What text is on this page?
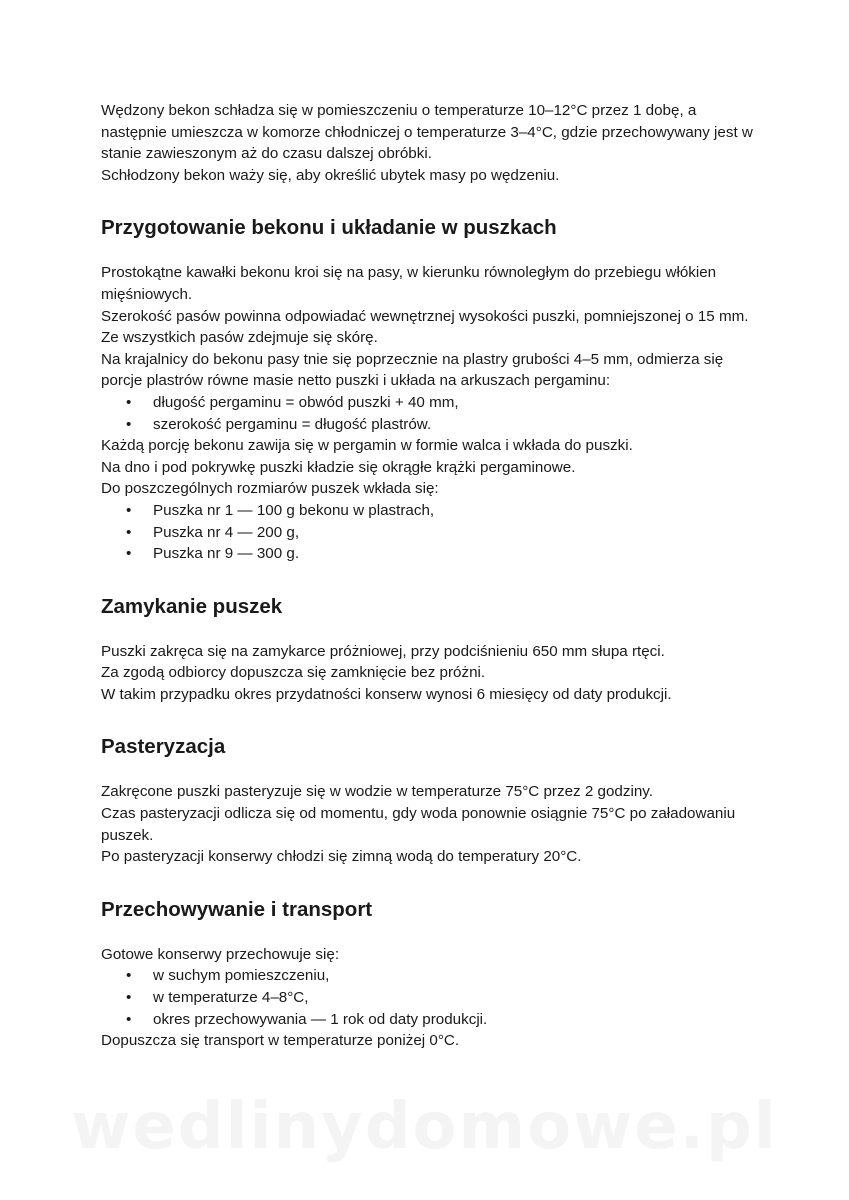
Wędzony bekon schładza się w pomieszczeniu o temperaturze 10–12°C przez 1 dobę, a następnie umieszcza w komorze chłodniczej o temperaturze 3–4°C, gdzie przechowywany jest w stanie zawieszonym aż do czasu dalszej obróbki.

Schłodzony bekon waży się, aby określić ubytek masy po wędzeniu.

Przygotowanie bekonu i układanie w puszkach

Prostokątne kawałki bekonu kroi się na pasy, w kierunku równoległym do przebiegu włókien mięśniowych.

Szerokość pasów powinna odpowiadać wewnętrznej wysokości puszki, pomniejszonej o 15 mm.

Ze wszystkich pasów zdejmuje się skórę.

Na krajalnicy do bekonu pasy tnie się poprzecznie na plastry grubości 4–5 mm, odmierza się porcje plastrów równe masie netto puszki i układa na arkuszach pergaminu:

• długość pergaminu = obwód puszki + 40 mm,
• szerokość pergaminu = długość plastrów.

Każdą porcję bekonu zawija się w pergamin w formie walca i wkłada do puszki.

Na dno i pod pokrywkę puszki kładzie się okrągłe krążki pergaminowe.

Do poszczególnych rozmiarów puszek wkłada się:

• Puszka nr 1 — 100 g bekonu w plastrach,
• Puszka nr 4 — 200 g,
• Puszka nr 9 — 300 g.
Zamykanie puszek

Puszki zakręca się na zamykarce próżniowej, przy podciśnieniu 650 mm słupa rtęci.

Za zgodą odbiorcy dopuszcza się zamknięcie bez próżni.

W takim przypadku okres przydatności konserw wynosi 6 miesięcy od daty produkcji.

Pasteryzacja

Zakręcone puszki pasteryzuje się w wodzie w temperaturze 75°C przez 2 godziny.

Czas pasteryzacji odlicza się od momentu, gdy woda ponownie osiągnie 75°C po załadowaniu puszek.

Po pasteryzacji konserwy chłodzi się zimną wodą do temperatury 20°C.

Przechowywanie i transport

Gotowe konserwy przechowuje się:

• w suchym pomieszczeniu,
• w temperaturze 4–8°C,
• okres przechowywania — 1 rok od daty produkcji.

Dopuszcza się transport w temperaturze poniżej 0°C.

wedlinydomowe.pl
